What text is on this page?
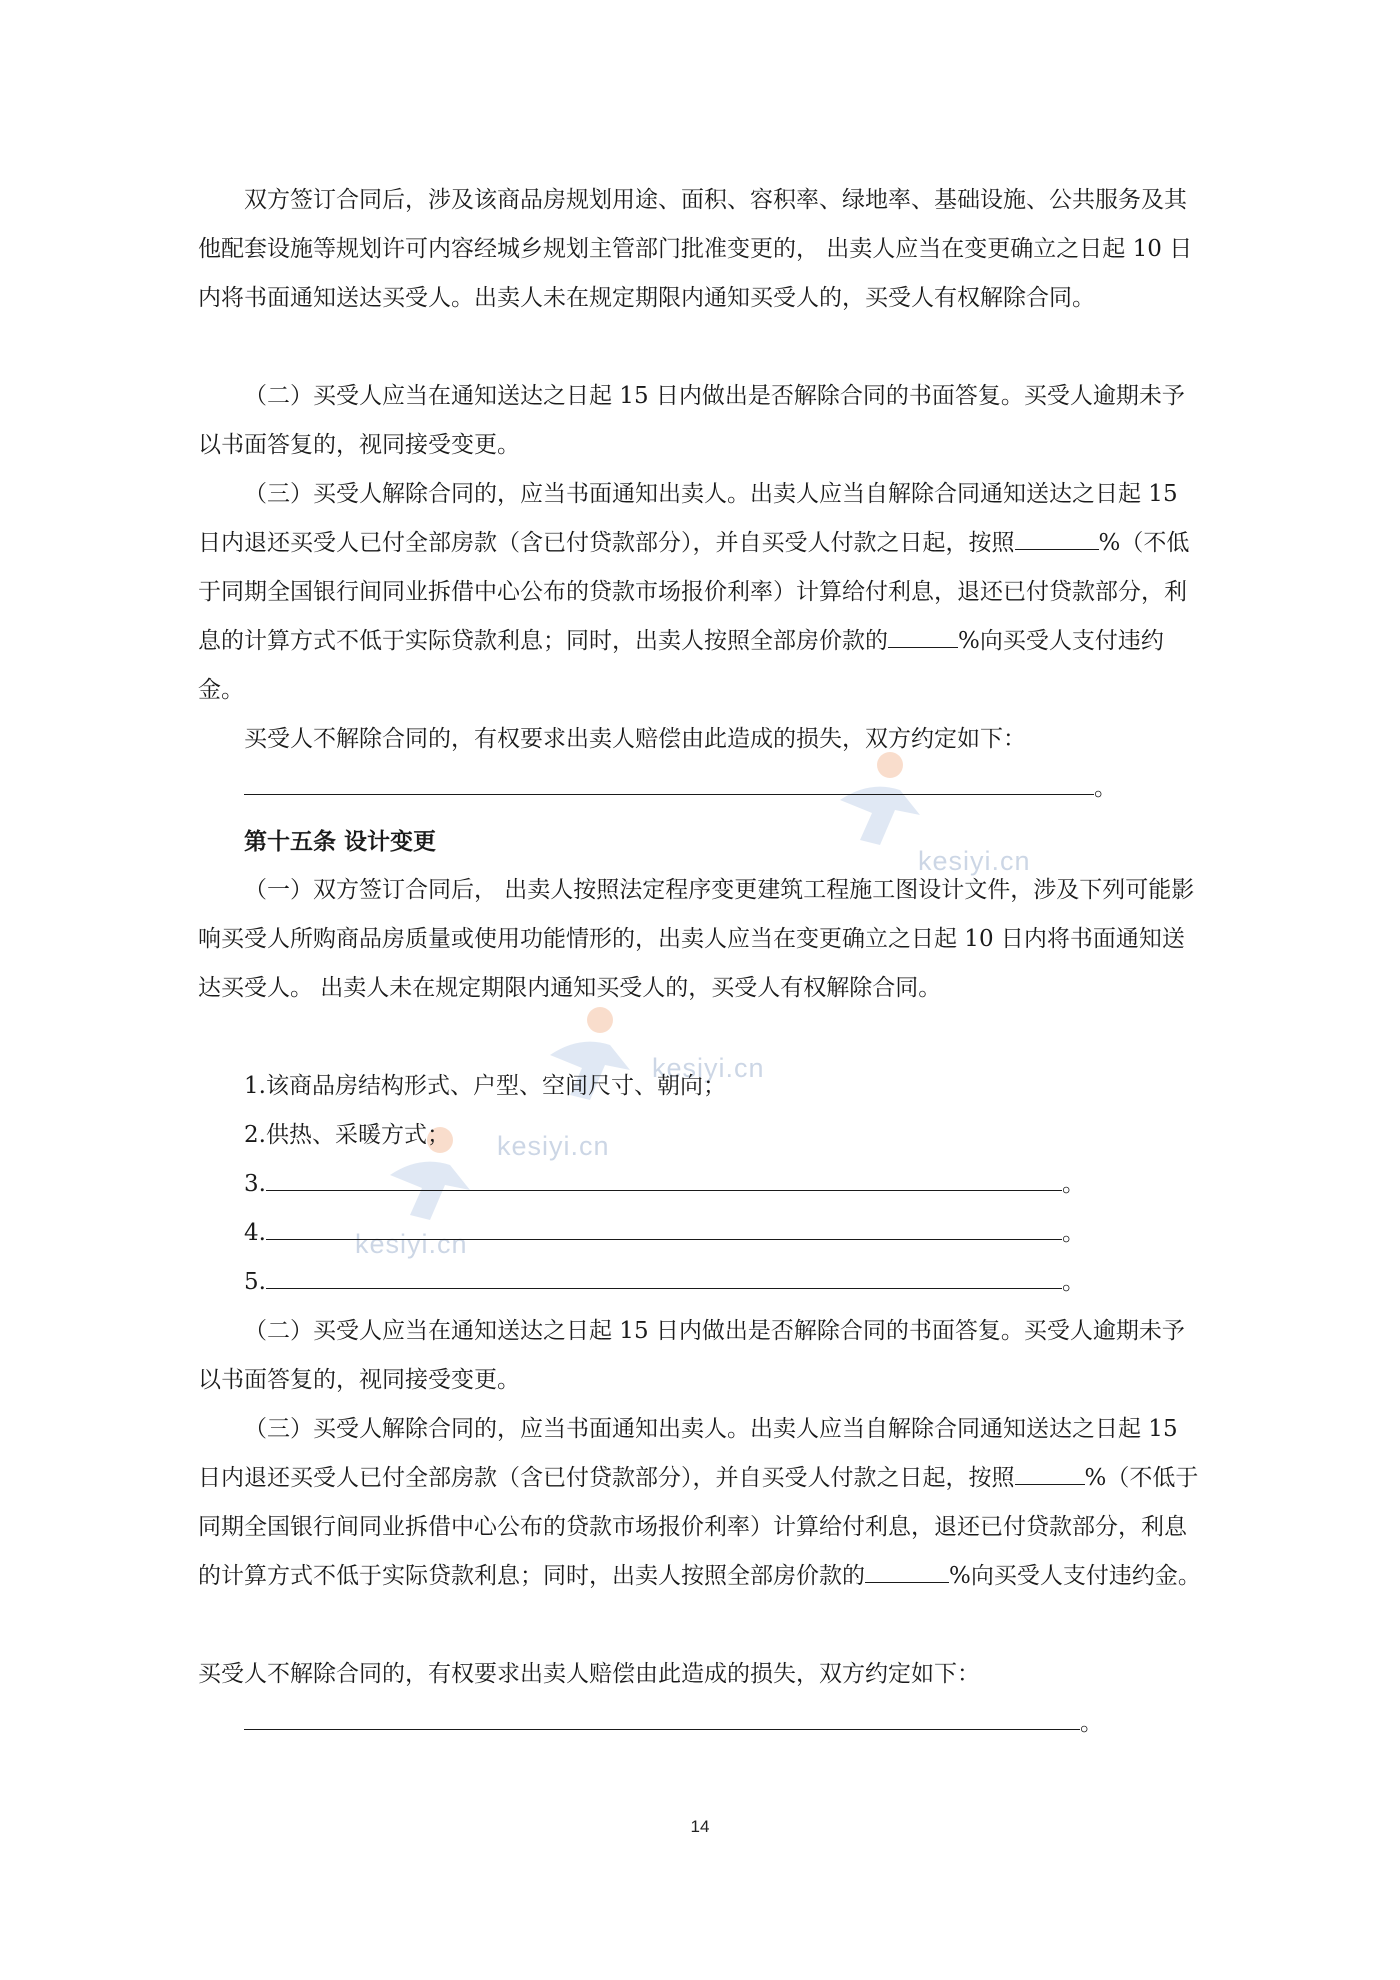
kesiyi.cn
kesiyi.cn
kesiyi.cn
kesiyi.cn

双方签订合同后，涉及该商品房规划用途、面积、容积率、绿地率、基础设施、公共服务及其他配套设施等规划许可内容经城乡规划主管部门批准变更的， 出卖人应当在变更确立之日起 10 日内将书面通知送达买受人。出卖人未在规定期限内通知买受人的，买受人有权解除合同。

（二）买受人应当在通知送达之日起 15 日内做出是否解除合同的书面答复。买受人逾期未予以书面答复的，视同接受变更。

（三）买受人解除合同的，应当书面通知出卖人。出卖人应当自解除合同通知送达之日起 15 日内退还买受人已付全部房款（含已付贷款部分），并自买受人付款之日起，按照	%（不低于同期全国银行间同业拆借中心公布的贷款市场报价利率）计算给付利息，退还已付贷款部分，利息的计算方式不低于实际贷款利息；同时，出卖人按照全部房价款的	%向买受人支付违约金。

买受人不解除合同的，有权要求出卖人赔偿由此造成的损失，双方约定如下：

。

第十五条 设计变更

（一）双方签订合同后， 出卖人按照法定程序变更建筑工程施工图设计文件，涉及下列可能影响买受人所购商品房质量或使用功能情形的，出卖人应当在变更确立之日起 10 日内将书面通知送达买受人。 出卖人未在规定期限内通知买受人的，买受人有权解除合同。

1.该商品房结构形式、户型、空间尺寸、朝向；

2.供热、采暖方式；

3.	。

4.	。

5.	。

（二）买受人应当在通知送达之日起 15 日内做出是否解除合同的书面答复。买受人逾期未予以书面答复的，视同接受变更。

（三）买受人解除合同的，应当书面通知出卖人。出卖人应当自解除合同通知送达之日起 15 日内退还买受人已付全部房款（含已付贷款部分），并自买受人付款之日起，按照	%（不低于同期全国银行间同业拆借中心公布的贷款市场报价利率）计算给付利息，退还已付贷款部分，利息的计算方式不低于实际贷款利息；同时，出卖人按照全部房价款的	%向买受人支付违约金。

买受人不解除合同的，有权要求出卖人赔偿由此造成的损失，双方约定如下：

。

14
